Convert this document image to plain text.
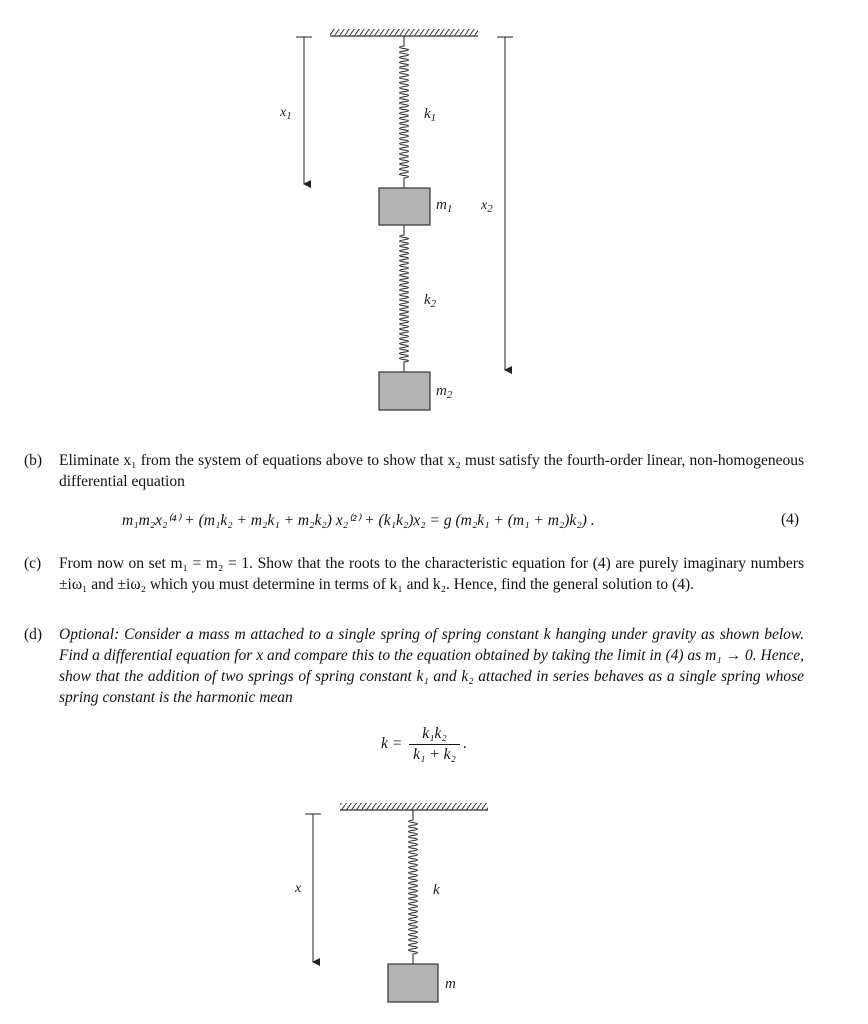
$x_1$
$x_2$
$k_1$
$m_1$
$k_2$
$m_2$
x	k
m
(b) Eliminate x₁ from the system of equations above to show that x₂ must satisfy the fourth-order linear, non-homogeneous differential equation
m₁m₂x₂⁽⁴⁾ + (m₁k₂ + m₂k₁ + m₂k₂) x₂⁽²⁾ + (k₁k₂)x₂ = g (m₂k₁ + (m₁ + m₂)k₂) .	(4)
(c) From now on set m₁ = m₂ = 1. Show that the roots to the characteristic equation for (4) are purely imaginary numbers ±iω₁ and ±iω₂ which you must determine in terms of k₁ and k₂. Hence, find the general solution to (4).
(d) Optional: Consider a mass m attached to a single spring of spring constant k hanging under gravity as shown below. Find a differential equation for x and compare this to the equation obtained by taking the limit in (4) as m₁ → 0. Hence, show that the addition of two springs of spring constant k₁ and k₂ attached in series behaves as a single spring whose spring constant is the harmonic mean
$k = \frac{\text{k₁k₂}}{\text{k₁ + k₂}}$ .
